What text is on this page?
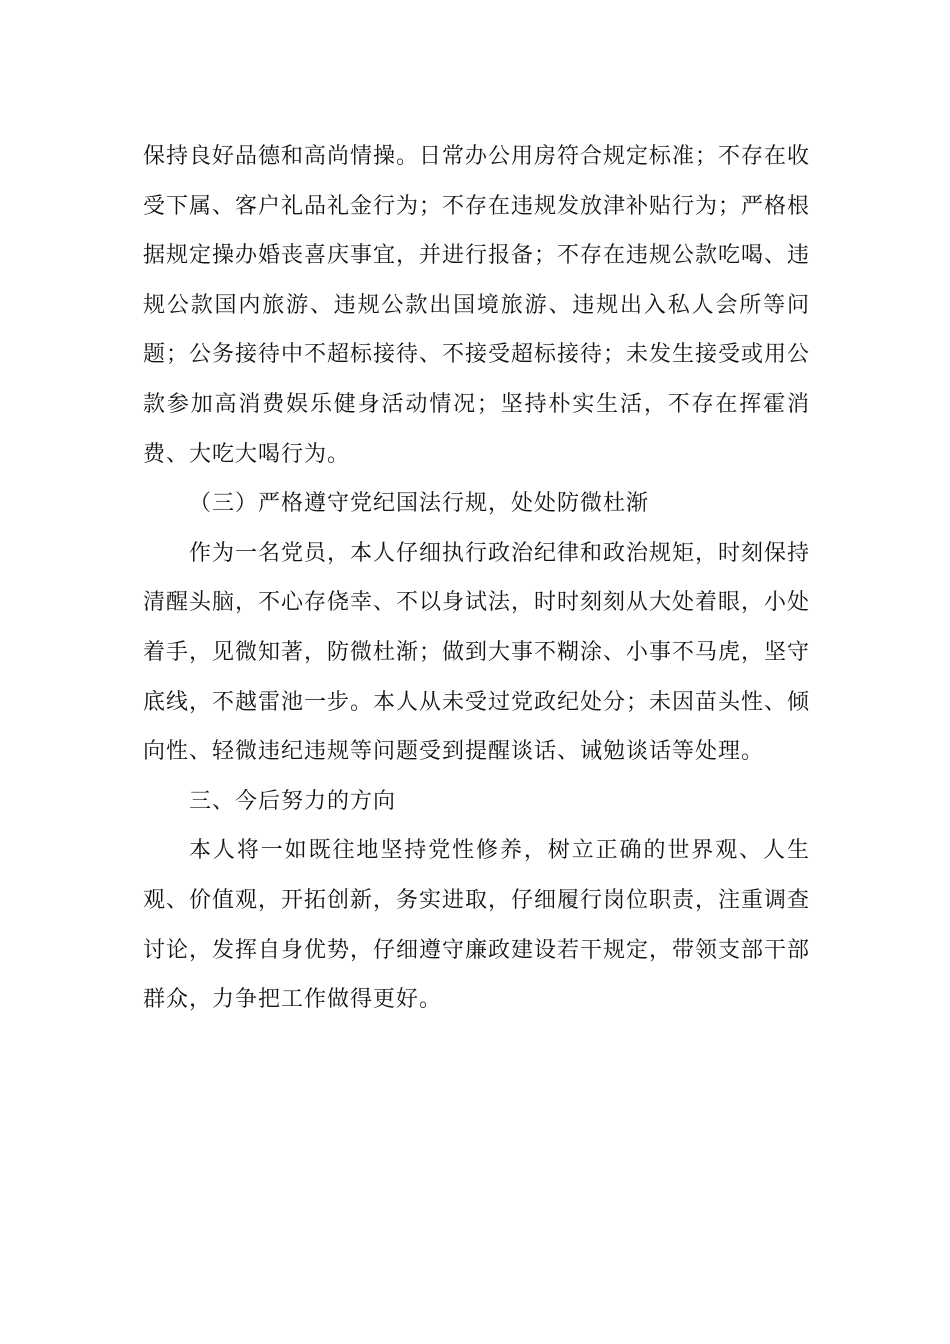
保持良好品德和高尚情操。日常办公用房符合规定标准；不存在收受下属、客户礼品礼金行为；不存在违规发放津补贴行为；严格根据规定操办婚丧喜庆事宜，并进行报备；不存在违规公款吃喝、违规公款国内旅游、违规公款出国境旅游、违规出入私人会所等问题；公务接待中不超标接待、不接受超标接待；未发生接受或用公款参加高消费娱乐健身活动情况；坚持朴实生活，不存在挥霍消费、大吃大喝行为。

（三）严格遵守党纪国法行规，处处防微杜渐

作为一名党员，本人仔细执行政治纪律和政治规矩，时刻保持清醒头脑，不心存侥幸、不以身试法，时时刻刻从大处着眼，小处着手，见微知著，防微杜渐；做到大事不糊涂、小事不马虎，坚守底线，不越雷池一步。本人从未受过党政纪处分；未因苗头性、倾向性、轻微违纪违规等问题受到提醒谈话、诫勉谈话等处理。

三、今后努力的方向

本人将一如既往地坚持党性修养，树立正确的世界观、人生观、价值观，开拓创新，务实进取，仔细履行岗位职责，注重调查讨论，发挥自身优势，仔细遵守廉政建设若干规定，带领支部干部群众，力争把工作做得更好。
